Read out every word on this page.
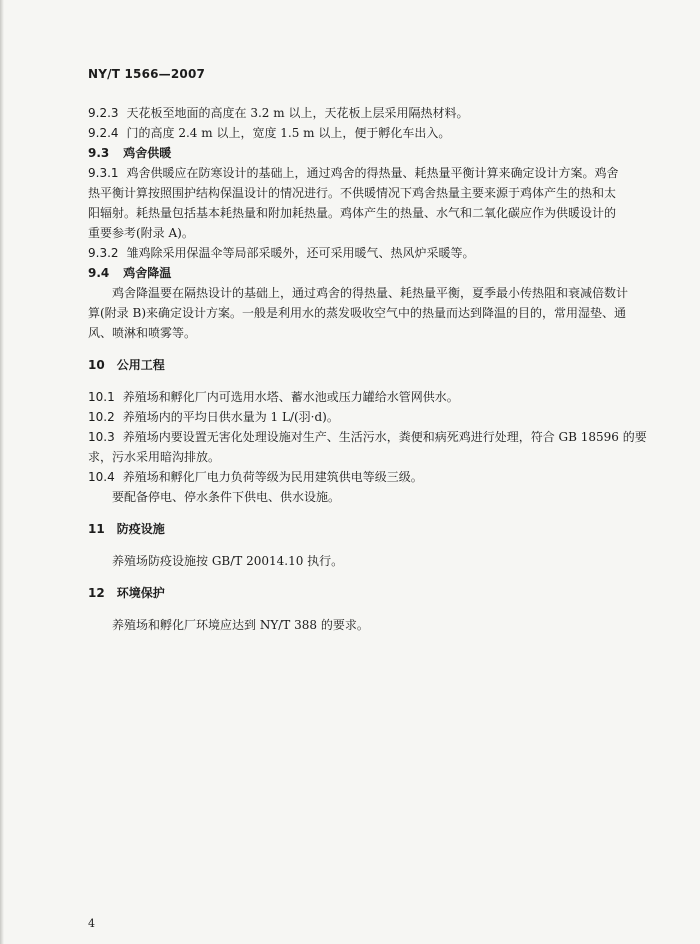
NY/T 1566—2007
9.2.3 天花板至地面的高度在 3.2 m 以上，天花板上层采用隔热材料。
9.2.4 门的高度 2.4 m 以上，宽度 1.5 m 以上，便于孵化车出入。
9.3 鸡舍供暖
9.3.1 鸡舍供暖应在防寒设计的基础上，通过鸡舍的得热量、耗热量平衡计算来确定设计方案。鸡舍
热平衡计算按照围护结构保温设计的情况进行。不供暖情况下鸡舍热量主要来源于鸡体产生的热和太
阳辐射。耗热量包括基本耗热量和附加耗热量。鸡体产生的热量、水气和二氧化碳应作为供暖设计的
重要参考(附录 A)。
9.3.2 雏鸡除采用保温伞等局部采暖外，还可采用暖气、热风炉采暖等。
9.4 鸡舍降温
鸡舍降温要在隔热设计的基础上，通过鸡舍的得热量、耗热量平衡，夏季最小传热阻和衰减倍数计
算(附录 B)来确定设计方案。一般是利用水的蒸发吸收空气中的热量而达到降温的目的，常用湿垫、通
风、喷淋和喷雾等。
10 公用工程
10.1 养殖场和孵化厂内可选用水塔、蓄水池或压力罐给水管网供水。
10.2 养殖场内的平均日供水量为 1 L/(羽·d)。
10.3 养殖场内要设置无害化处理设施对生产、生活污水，粪便和病死鸡进行处理，符合 GB 18596 的要
求，污水采用暗沟排放。
10.4 养殖场和孵化厂电力负荷等级为民用建筑供电等级三级。
要配备停电、停水条件下供电、供水设施。
11 防疫设施
养殖场防疫设施按 GB/T 20014.10 执行。
12 环境保护
养殖场和孵化厂环境应达到 NY/T 388 的要求。
4
